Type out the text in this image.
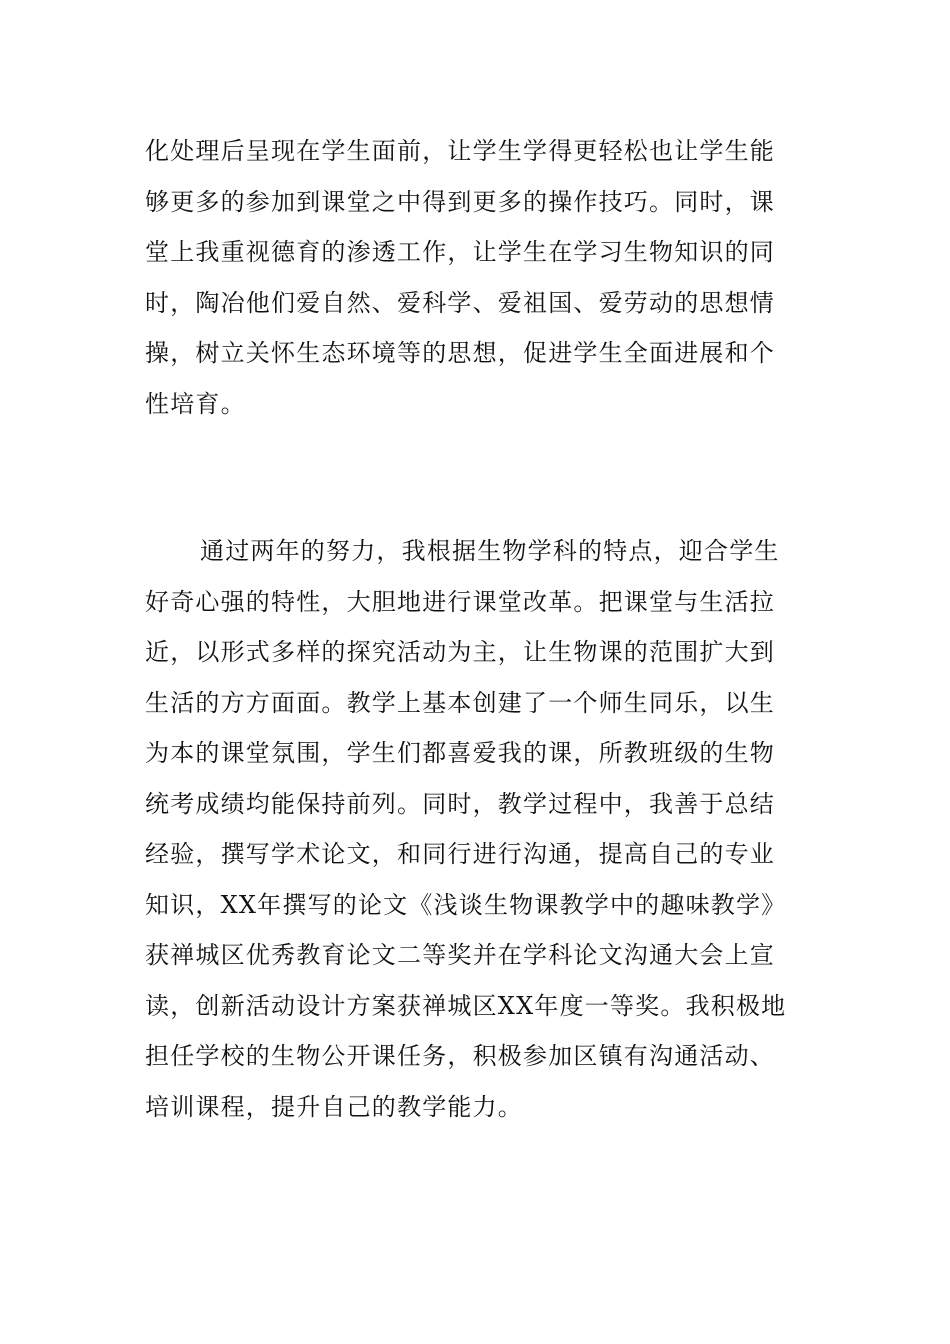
化处理后呈现在学生面前，让学生学得更轻松也让学生能
够更多的参加到课堂之中得到更多的操作技巧。同时，课
堂上我重视德育的渗透工作，让学生在学习生物知识的同
时，陶冶他们爱自然、爱科学、爱祖国、爱劳动的思想情
操，树立关怀生态环境等的思想，促进学生全面进展和个
性培育。

通过两年的努力，我根据生物学科的特点，迎合学生
好奇心强的特性，大胆地进行课堂改革。把课堂与生活拉
近，以形式多样的探究活动为主，让生物课的范围扩大到
生活的方方面面。教学上基本创建了一个师生同乐，以生
为本的课堂氛围，学生们都喜爱我的课，所教班级的生物
统考成绩均能保持前列。同时，教学过程中，我善于总结
经验，撰写学术论文，和同行进行沟通，提高自己的专业
知识，XX年撰写的论文《浅谈生物课教学中的趣味教学》
获禅城区优秀教育论文二等奖并在学科论文沟通大会上宣
读，创新活动设计方案获禅城区XX年度一等奖。我积极地
担任学校的生物公开课任务，积极参加区镇有沟通活动、
培训课程，提升自己的教学能力。
